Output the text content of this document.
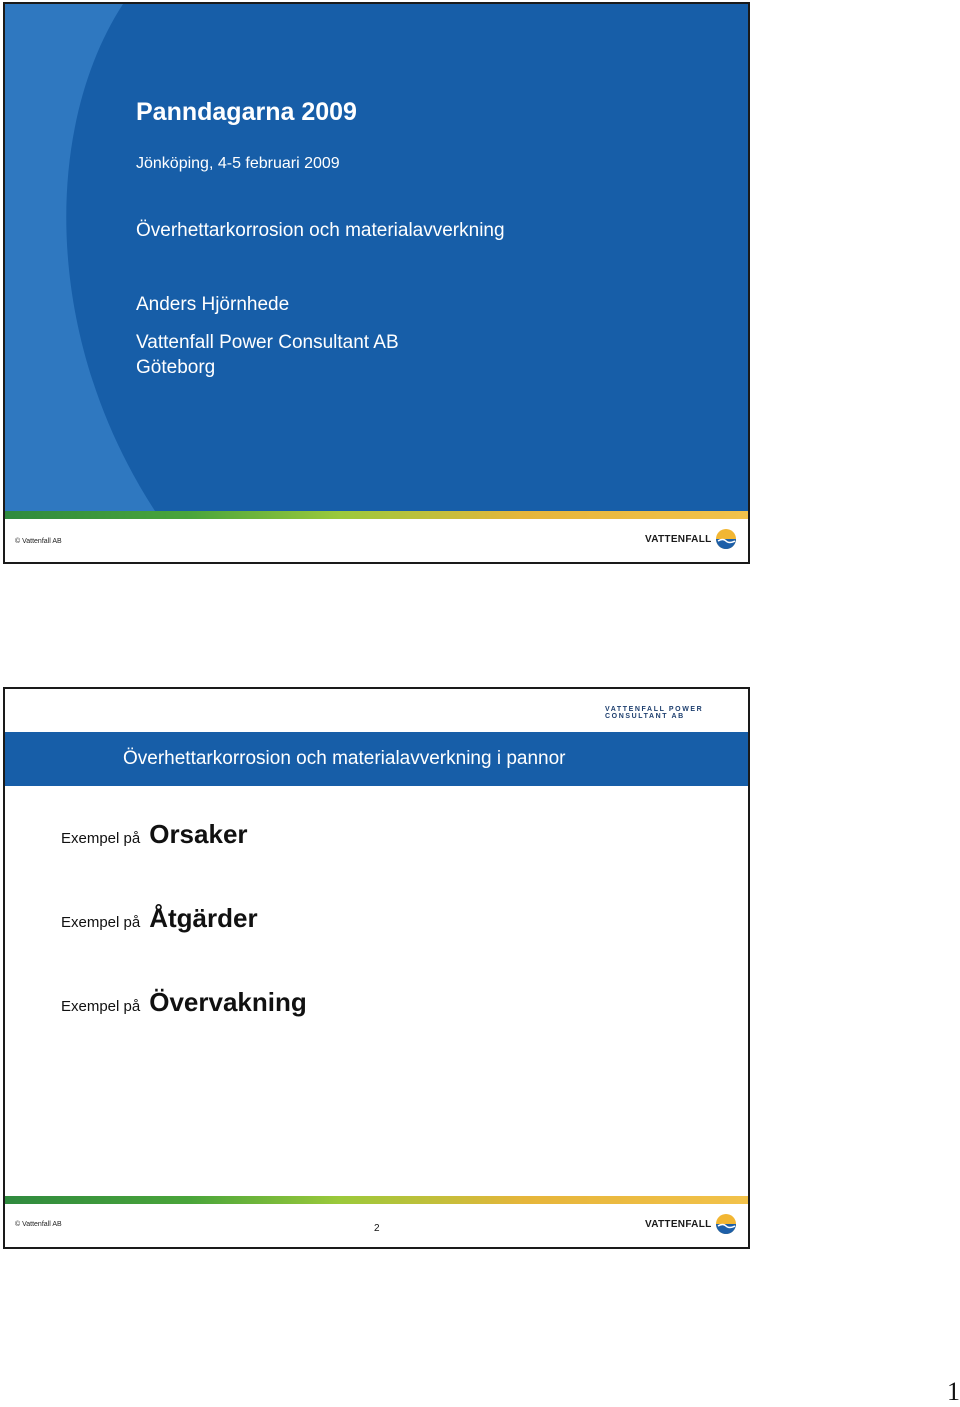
Panndagarna 2009
Jönköping, 4-5 februari 2009
Överhettarkorrosion och materialavverkning
Anders Hjörnhede
Vattenfall Power Consultant AB
Göteborg
© Vattenfall AB	VATTENFALL
VATTENFALL POWER CONSULTANT AB
Överhettarkorrosion och materialavverkning i pannor
Exempel på Orsaker
Exempel på Åtgärder
Exempel på Övervakning
© Vattenfall AB	2	VATTENFALL
1
